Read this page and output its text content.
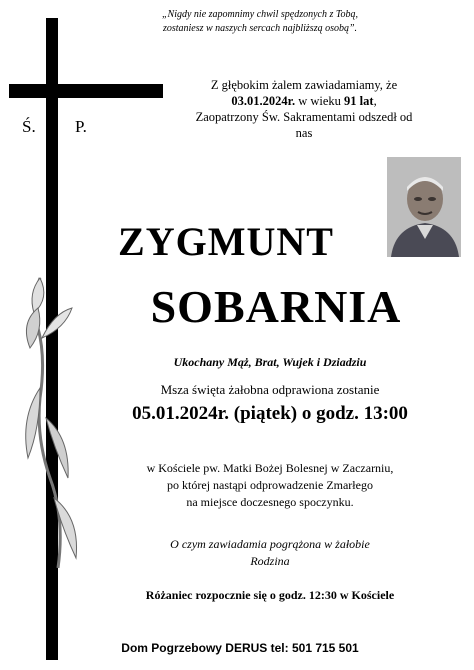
„Nigdy nie zapomnimy chwil spędzonych z Tobą,
zostaniesz w naszych sercach najbliższą osobą”.
Ś. P.
Z głębokim żalem zawiadamiamy, że
03.01.2024r. w wieku 91 lat,
Zaopatrzony Św. Sakramentami odszedł od nas
ZYGMUNT
SOBARNIA
Ukochany Mąż, Brat, Wujek i Dziadziu
Msza święta żałobna odprawiona zostanie
05.01.2024r. (piątek) o godz. 13:00
w Kościele pw. Matki Bożej Bolesnej w Zaczarniu,
po której nastąpi odprowadzenie Zmarłego
na miejsce doczesnego spoczynku.
O czym zawiadamia pogrążona w żałobie
Rodzina
Różaniec rozpocznie się o godz. 12:30 w Kościele
Dom Pogrzebowy DERUS tel: 501 715 501
